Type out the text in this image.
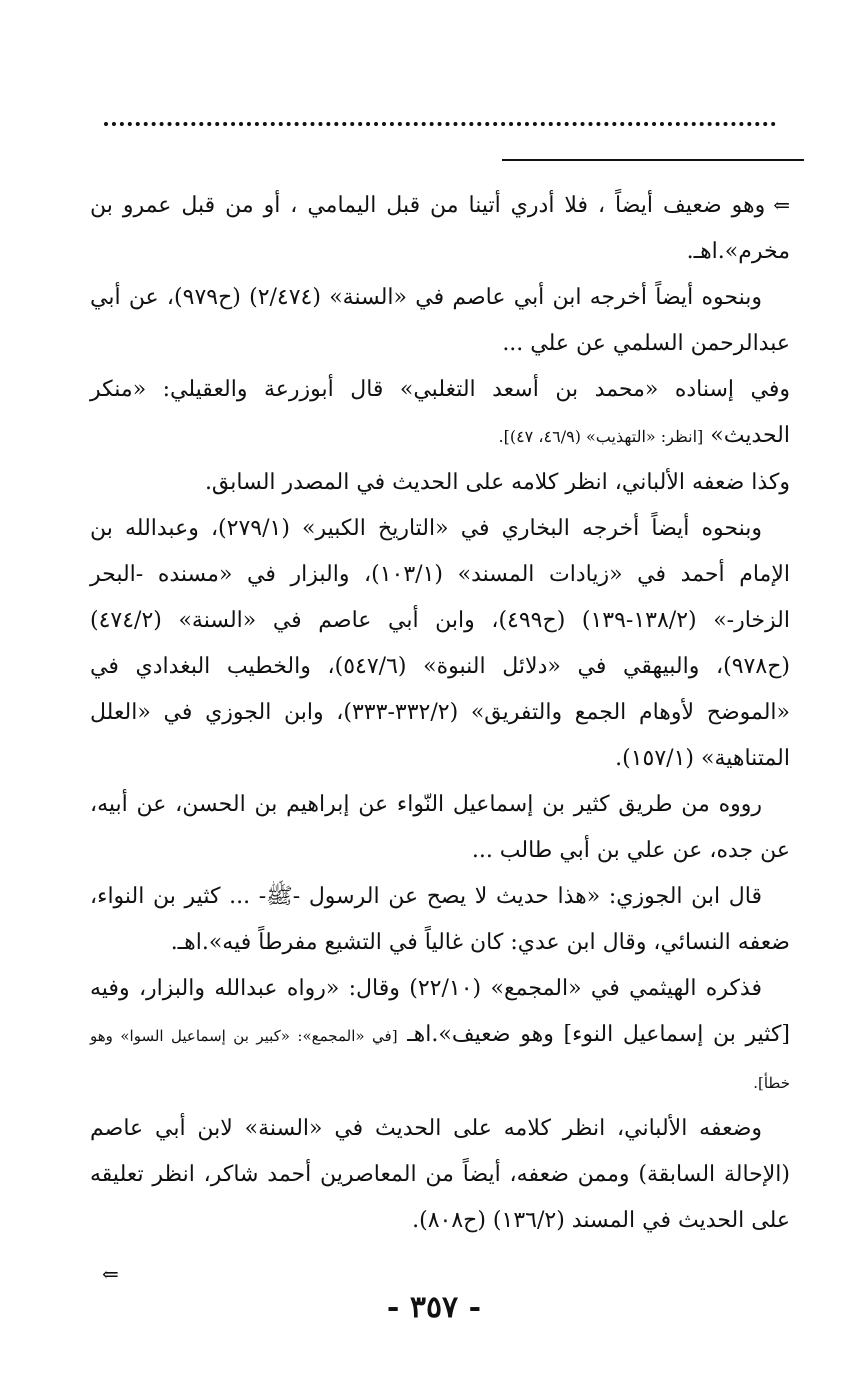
⇐وهو ضعيف أيضاً ، فلا أدري أتينا من قبل اليمامي ، أو من قبل عمرو بن مخرم».اهـ.

وبنحوه أيضاً أخرجه ابن أبي عاصم في «السنة» (٢/٤٧٤) (ح٩٧٩)، عن أبي عبدالرحمن السلمي عن علي ...

وفي إسناده «محمد بن أسعد التغلبي» قال أبوزرعة والعقيلي: «منكر الحديث» [انظر: «التهذيب» (٤٦/٩، ٤٧)].

وكذا ضعفه الألباني، انظر كلامه على الحديث في المصدر السابق.

وبنحوه أيضاً أخرجه البخاري في «التاريخ الكبير» (٢٧٩/١)، وعبدالله بن الإمام أحمد في «زيادات المسند» (١٠٣/١)، والبزار في «مسنده -البحر الزخار-» (١٣٨/٢-١٣٩) (ح٤٩٩)، وابن أبي عاصم في «السنة» (٤٧٤/٢) (ح٩٧٨)، والبيهقي في «دلائل النبوة» (٥٤٧/٦)، والخطيب البغدادي في «الموضح لأوهام الجمع والتفريق» (٣٣٢/٢-٣٣٣)، وابن الجوزي في «العلل المتناهية» (١٥٧/١).

رووه من طريق كثير بن إسماعيل النّواء عن إبراهيم بن الحسن، عن أبيه، عن جده، عن علي بن أبي طالب ...

قال ابن الجوزي: «هذا حديث لا يصح عن الرسول -ﷺ- ... كثير بن النواء، ضعفه النسائي، وقال ابن عدي: كان غالياً في التشيع مفرطاً فيه».اهـ.

فذكره الهيثمي في «المجمع» (٢٢/١٠) وقال: «رواه عبدالله والبزار، وفيه [كثير بن إسماعيل النوء] وهو ضعيف».اهـ [في «المجمع»: «كبير بن إسماعيل السوا» وهو خطأ].

وضعفه الألباني، انظر كلامه على الحديث في «السنة» لابن أبي عاصم (الإحالة السابقة) وممن ضعفه، أيضاً من المعاصرين أحمد شاكر، انظر تعليقه على الحديث في المسند (١٣٦/٢) (ح٨٠٨).

⇐
- ٣٥٧ -
